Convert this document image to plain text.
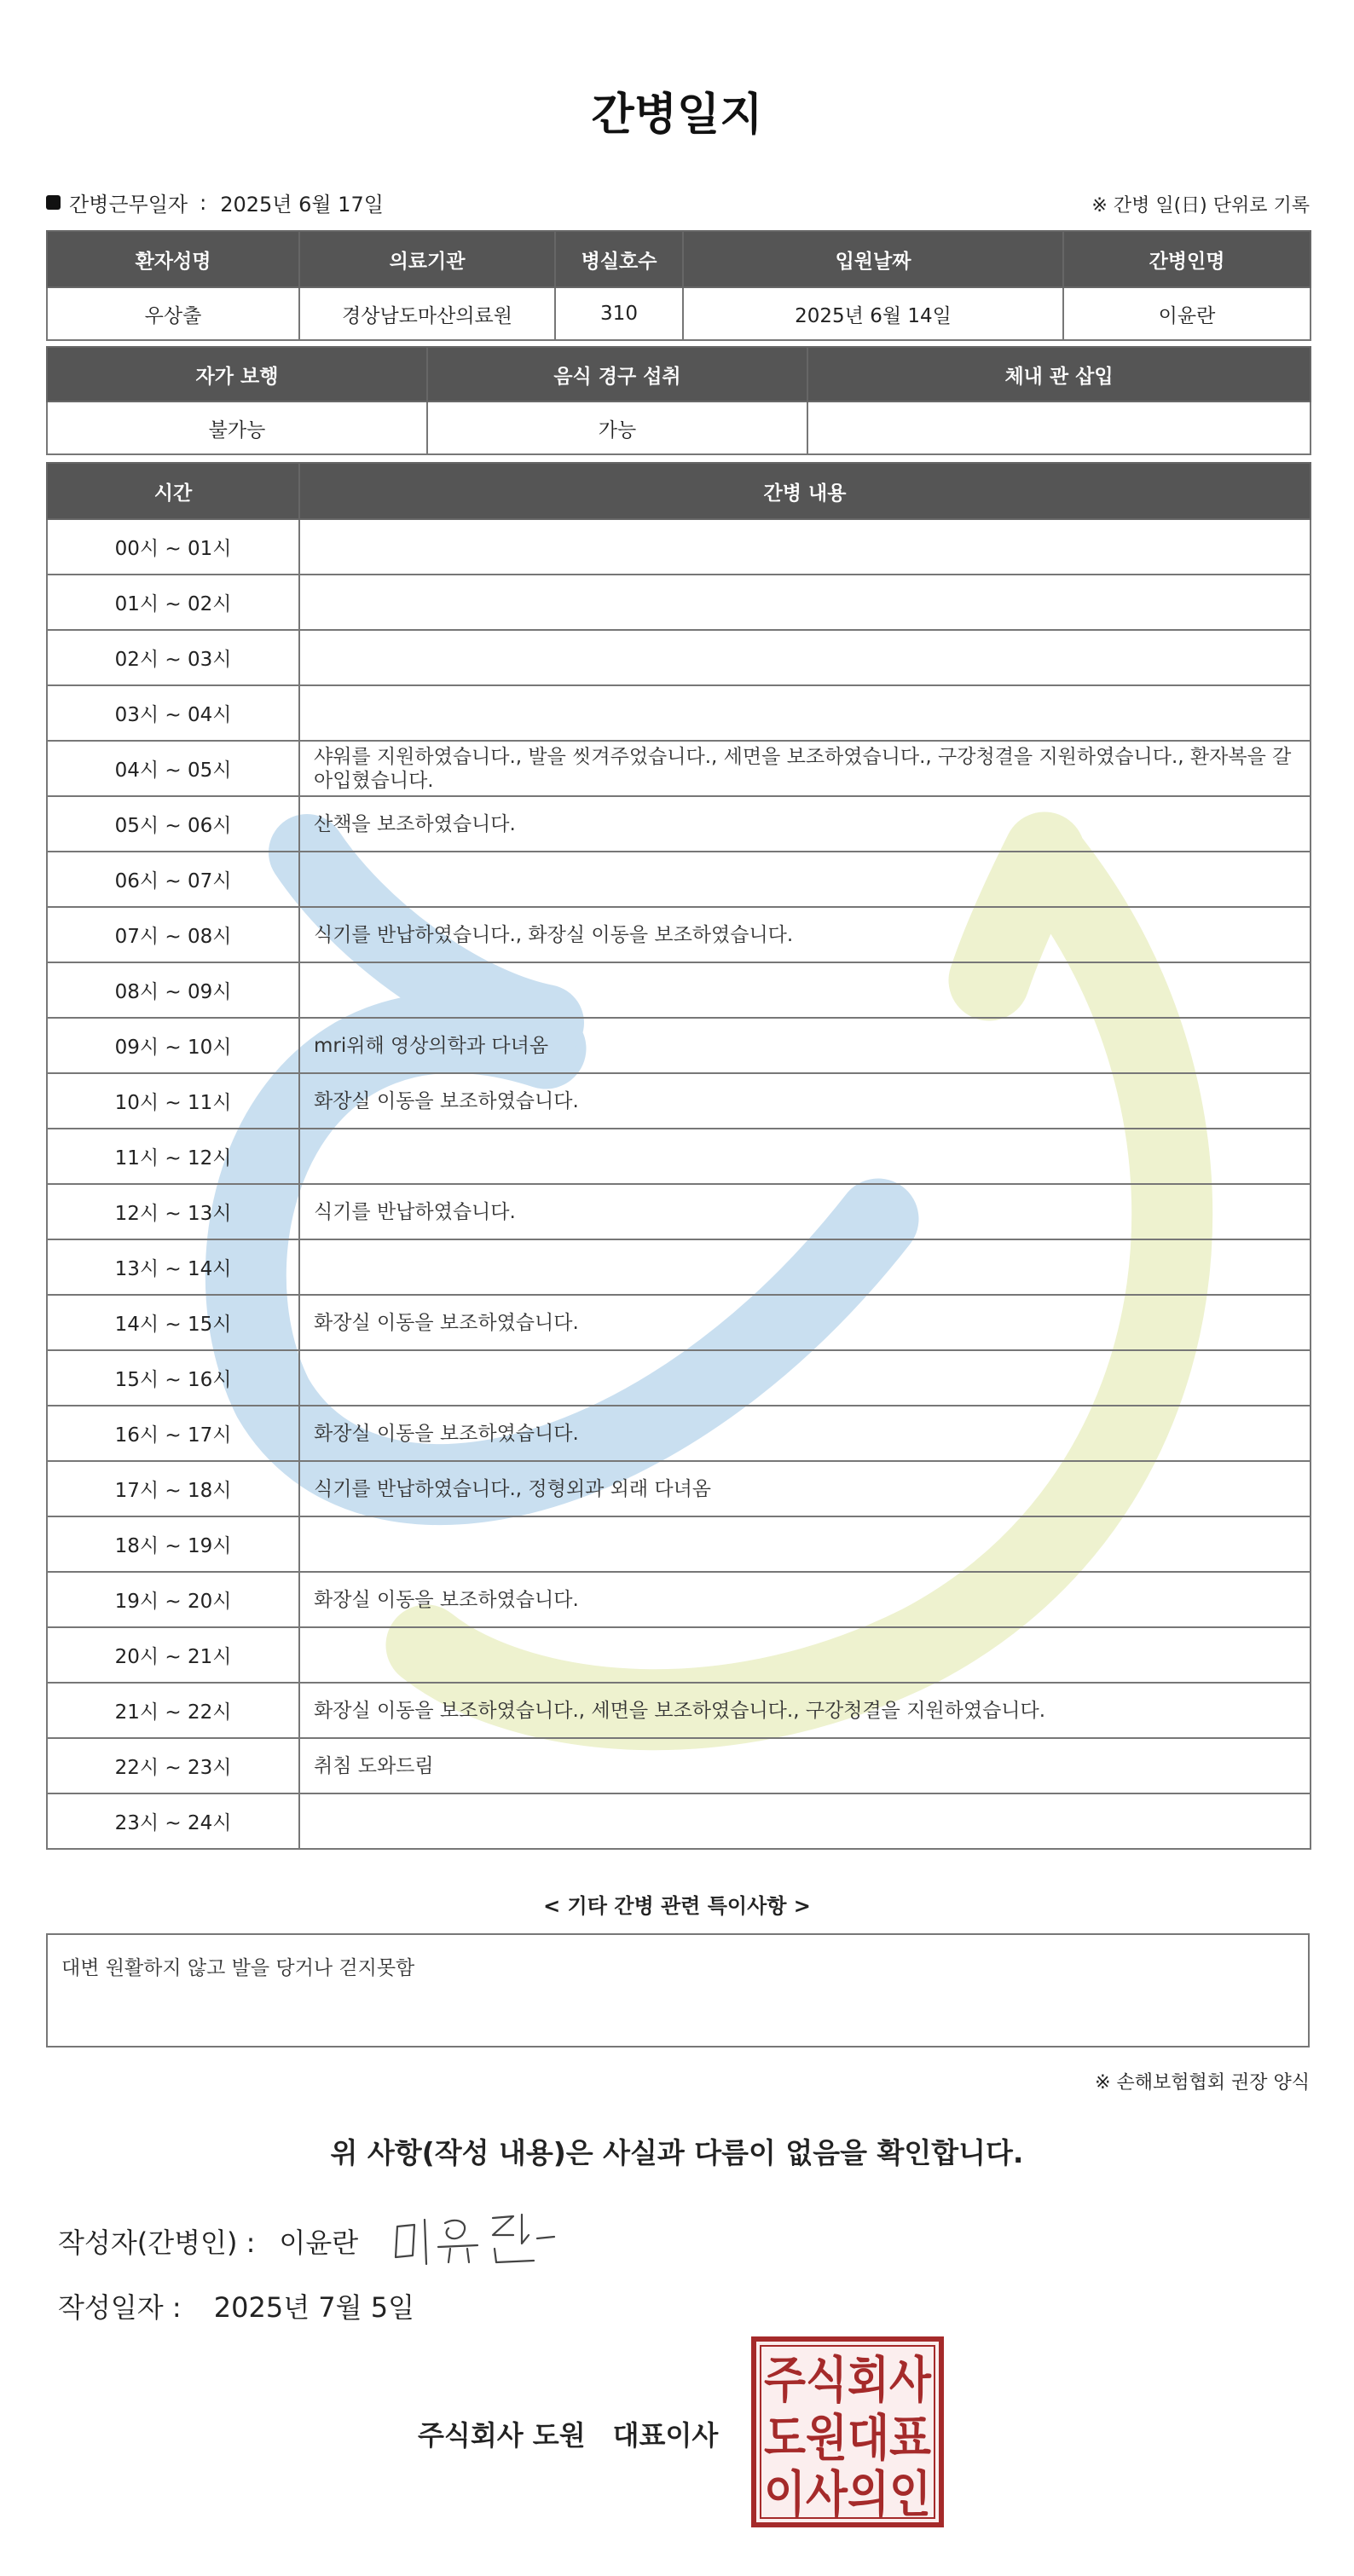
간병일지
간병근무일자 : 2025년 6월 17일	※ 간병 일(日) 단위로 기록
환자성명	의료기관	병실호수	입원날짜	간병인명
우상출	경상남도마산의료원	310	2025년 6월 14일	이윤란
자가 보행	음식 경구 섭취	체내 관 삽입
불가능	가능	
시간	간병 내용
00시 ~ 01시	
01시 ~ 02시	
02시 ~ 03시	
03시 ~ 04시	
04시 ~ 05시	샤워를 지원하였습니다., 발을 씻겨주었습니다., 세면을 보조하였습니다., 구강청결을 지원하였습니다., 환자복을 갈아입혔습니다.
05시 ~ 06시	산책을 보조하였습니다.
06시 ~ 07시	
07시 ~ 08시	식기를 반납하였습니다., 화장실 이동을 보조하였습니다.
08시 ~ 09시	
09시 ~ 10시	mri위해 영상의학과 다녀옴
10시 ~ 11시	화장실 이동을 보조하였습니다.
11시 ~ 12시	
12시 ~ 13시	식기를 반납하였습니다.
13시 ~ 14시	
14시 ~ 15시	화장실 이동을 보조하였습니다.
15시 ~ 16시	
16시 ~ 17시	화장실 이동을 보조하였습니다.
17시 ~ 18시	식기를 반납하였습니다., 정형외과 외래 다녀옴
18시 ~ 19시	
19시 ~ 20시	화장실 이동을 보조하였습니다.
20시 ~ 21시	
21시 ~ 22시	화장실 이동을 보조하였습니다., 세면을 보조하였습니다., 구강청결을 지원하였습니다.
22시 ~ 23시	취침 도와드림
23시 ~ 24시	
< 기타 간병 관련 특이사항 >
대변 원활하지 않고 발을 당거나 걷지못함
※ 손해보험협회 권장 양식
위 사항(작성 내용)은 사실과 다름이 없음을 확인합니다.
작성자(간병인) : 이윤란
작성일자 : 2025년 7월 5일
주식회사 도원 대표이사
주식회사
도원대표
이사의인
